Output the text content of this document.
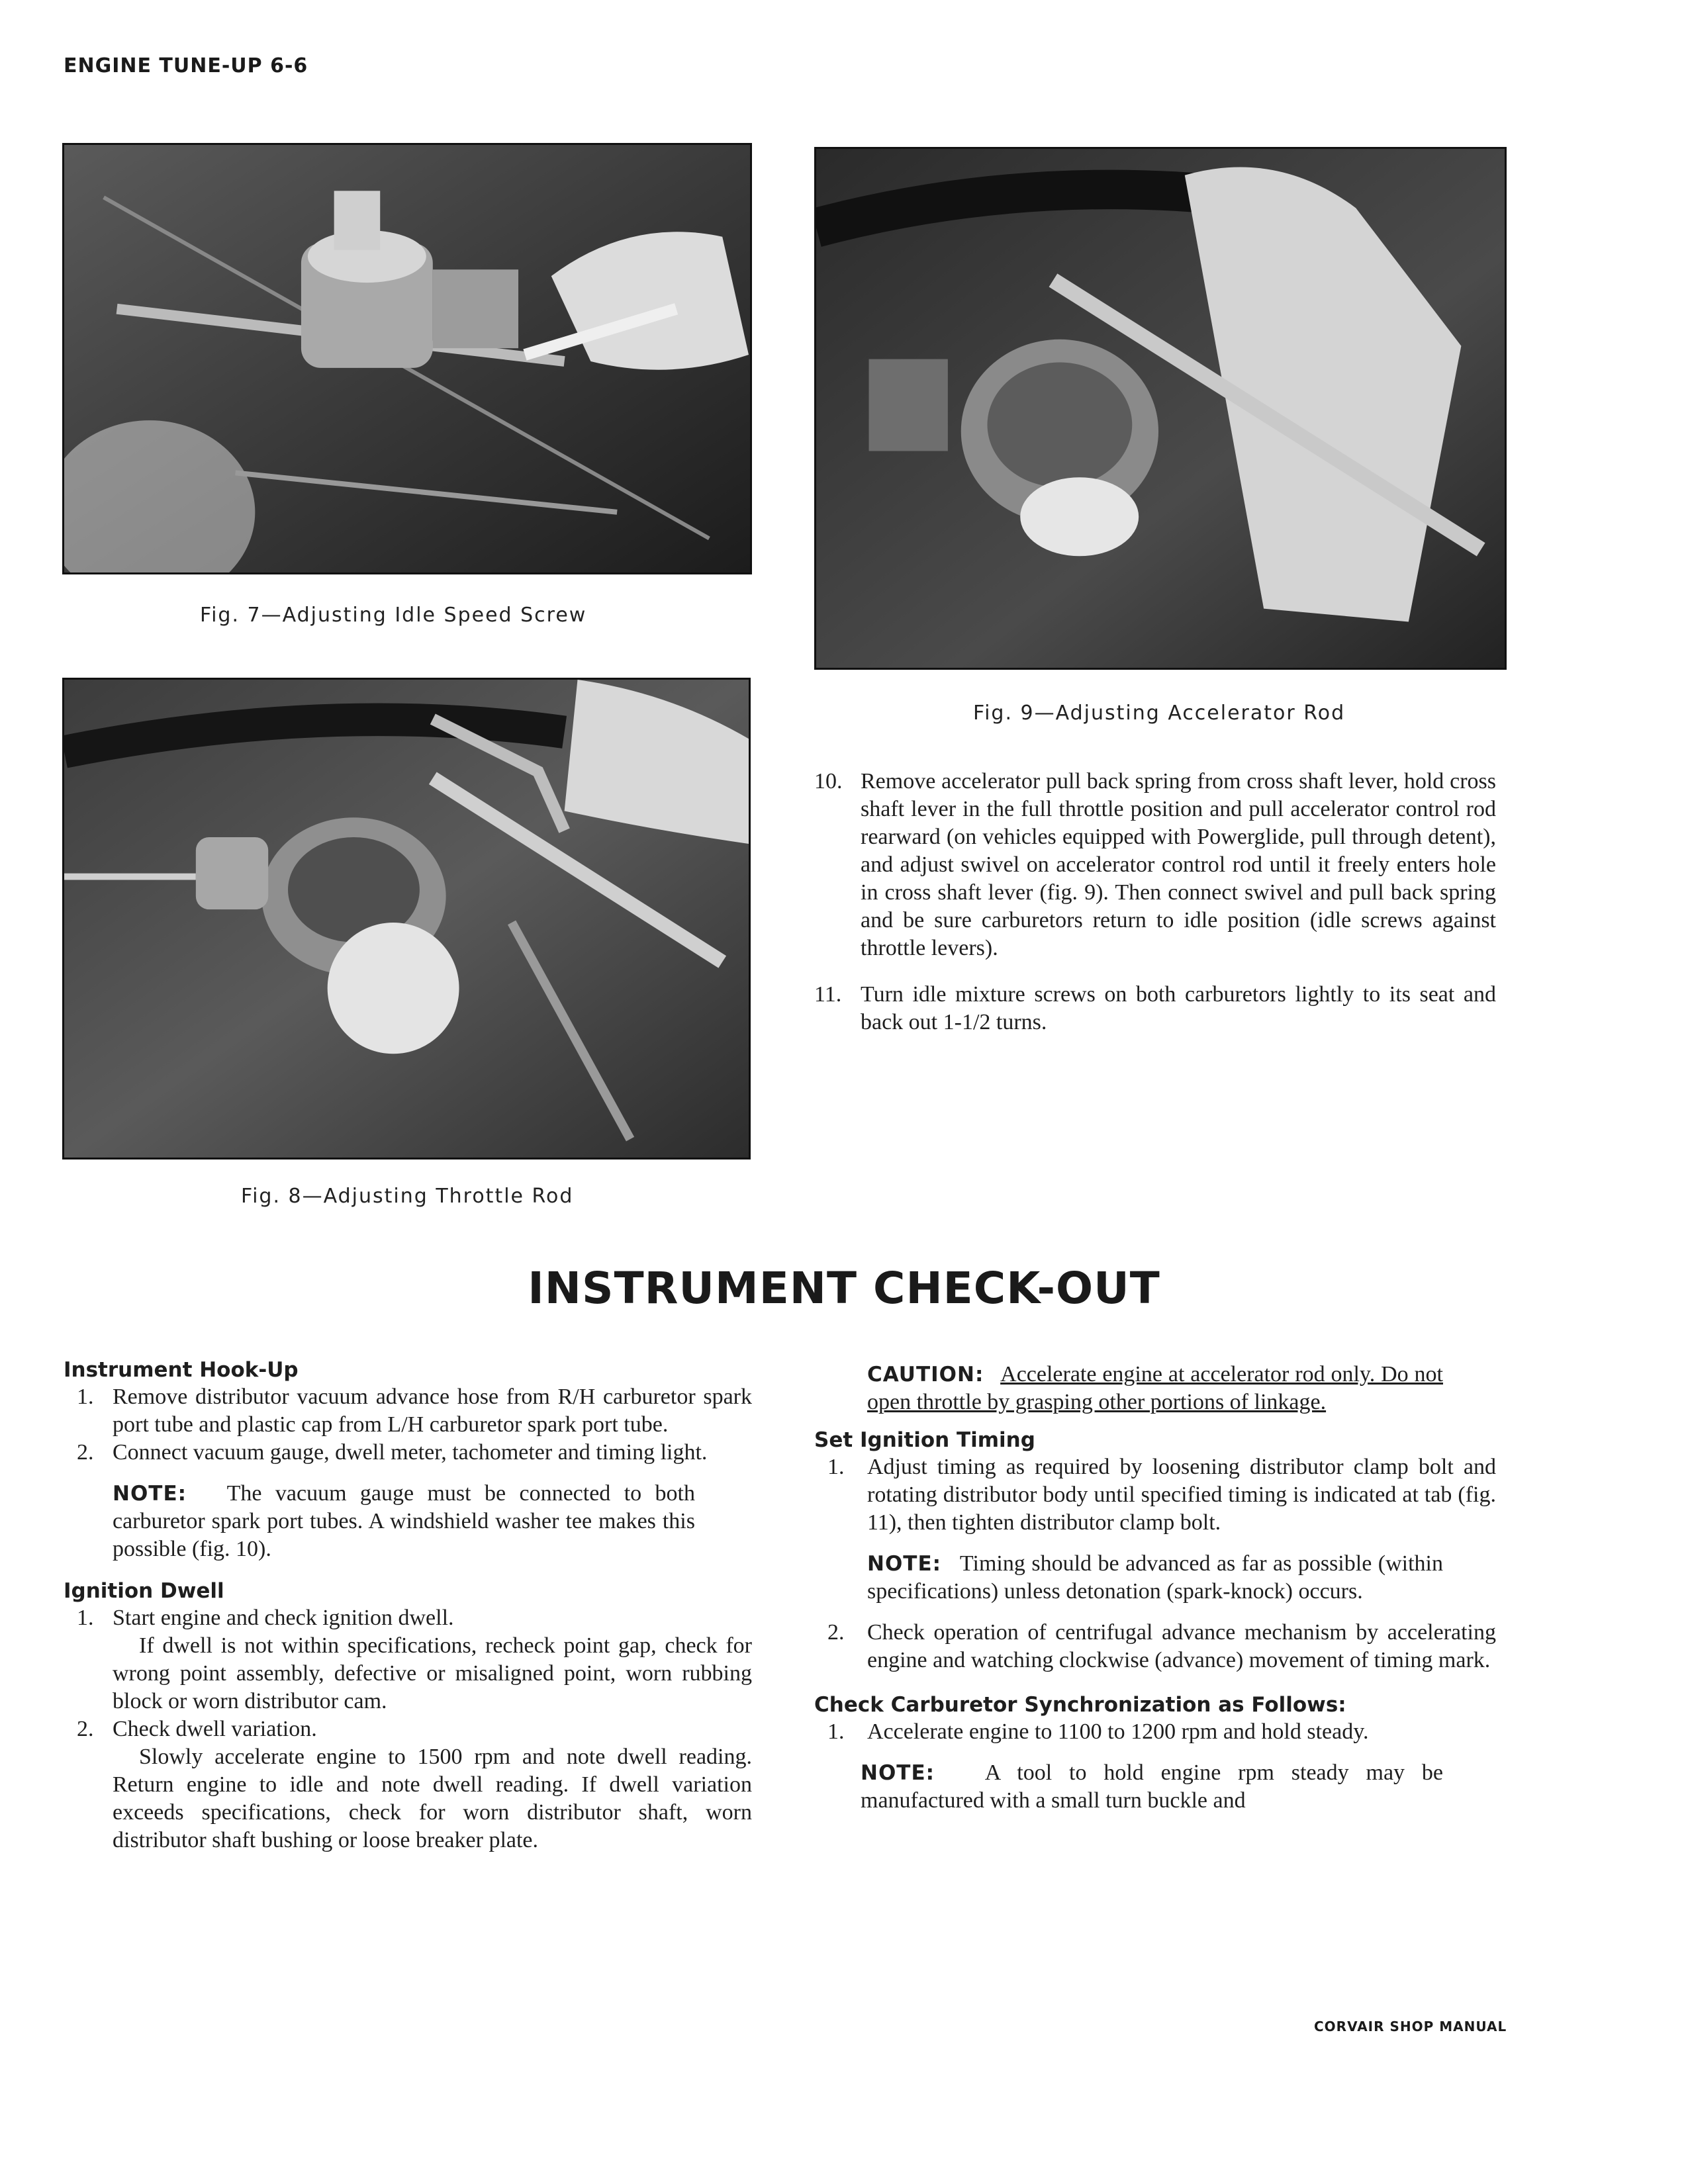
ENGINE TUNE-UP 6-6
Fig. 7—Adjusting Idle Speed Screw
Fig. 9—Adjusting Accelerator Rod
Fig. 8—Adjusting Throttle Rod
10. Remove accelerator pull back spring from cross shaft lever, hold cross shaft lever in the full throttle position and pull accelerator control rod rearward (on vehicles equipped with Powerglide, pull through detent), and adjust swivel on accelerator control rod until it freely enters hole in cross shaft lever (fig. 9). Then connect swivel and pull back spring and be sure carburetors return to idle position (idle screws against throttle levers).
11. Turn idle mixture screws on both carburetors lightly to its seat and back out 1-1/2 turns.
INSTRUMENT CHECK-OUT
Instrument Hook-Up
1. Remove distributor vacuum advance hose from R/H carburetor spark port tube and plastic cap from L/H carburetor spark port tube.
2. Connect vacuum gauge, dwell meter, tachometer and timing light.
NOTE: The vacuum gauge must be connected to both carburetor spark port tubes. A windshield washer tee makes this possible (fig. 10).
Ignition Dwell
1. Start engine and check ignition dwell.
If dwell is not within specifications, recheck point gap, check for wrong point assembly, defective or misaligned point, worn rubbing block or worn distributor cam.
2. Check dwell variation.
Slowly accelerate engine to 1500 rpm and note dwell reading. Return engine to idle and note dwell reading. If dwell variation exceeds specifications, check for worn distributor shaft, worn distributor shaft bushing or loose breaker plate.
CAUTION: Accelerate engine at accelerator rod only. Do not open throttle by grasping other portions of linkage.
Set Ignition Timing
1.	Adjust timing as required by loosening distributor clamp bolt and rotating distributor body until specified timing is indicated at tab (fig. 11), then tighten distributor clamp bolt.
NOTE: Timing should be advanced as far as possible (within specifications) unless detonation (spark-knock) occurs.
2.	Check operation of centrifugal advance mechanism by accelerating engine and watching clockwise (advance) movement of timing mark.
Check Carburetor Synchronization as Follows:
1.	Accelerate engine to 1100 to 1200 rpm and hold steady.
NOTE: A tool to hold engine rpm steady may be manufactured with a small turn buckle and
CORVAIR SHOP MANUAL
